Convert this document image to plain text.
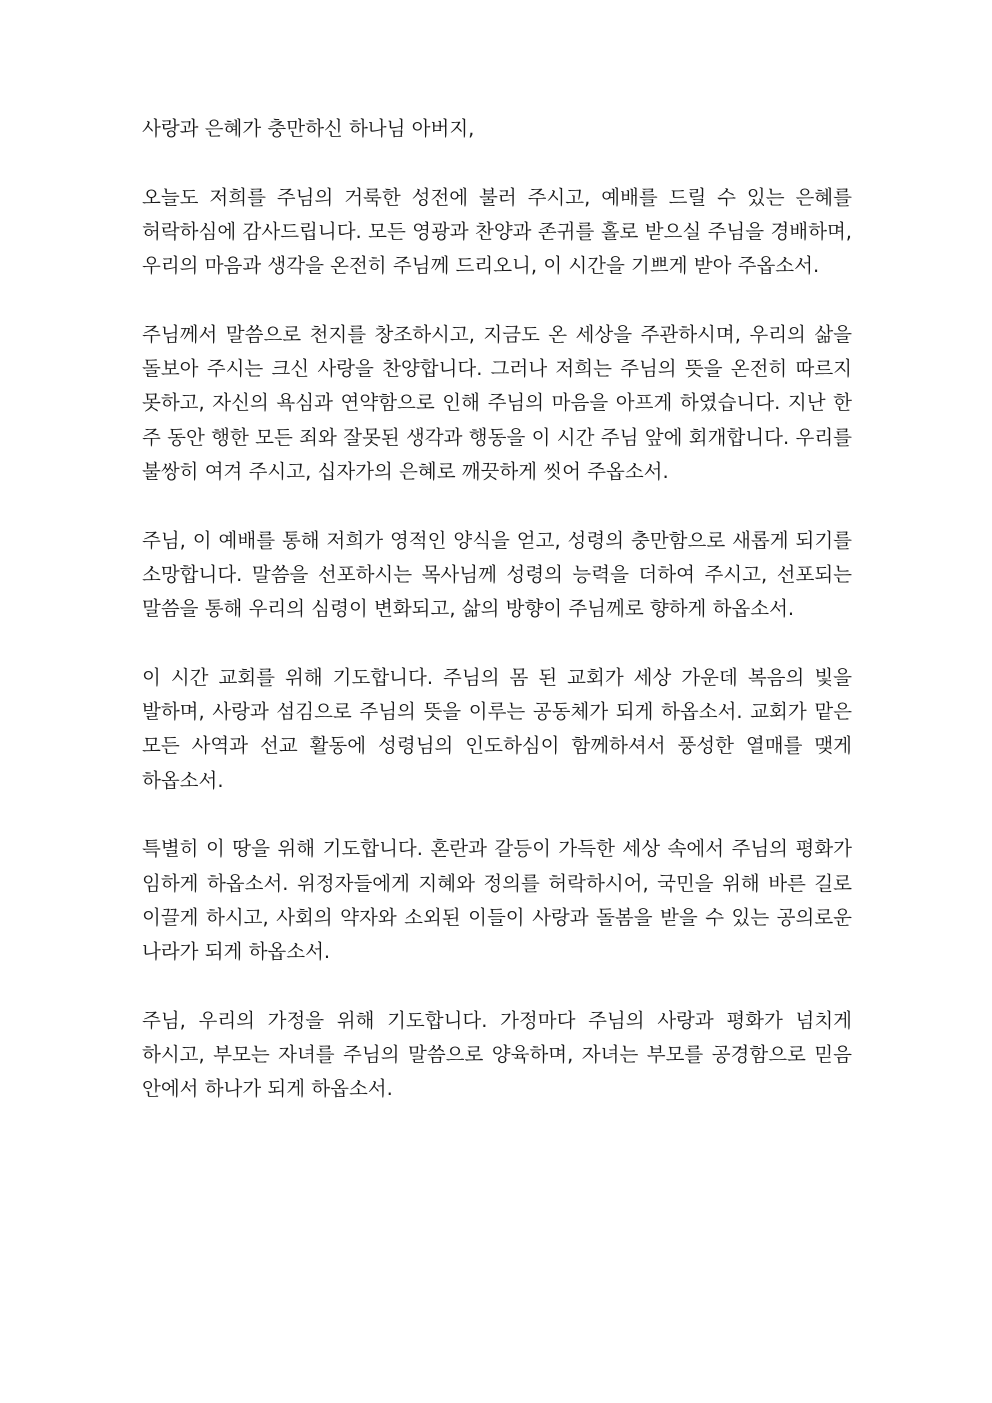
사랑과 은혜가 충만하신 하나님 아버지,

오늘도 저희를 주님의 거룩한 성전에 불러 주시고, 예배를 드릴 수 있는 은혜를 허락하심에 감사드립니다. 모든 영광과 찬양과 존귀를 홀로 받으실 주님을 경배하며, 우리의 마음과 생각을 온전히 주님께 드리오니, 이 시간을 기쁘게 받아 주옵소서.

주님께서 말씀으로 천지를 창조하시고, 지금도 온 세상을 주관하시며, 우리의 삶을 돌보아 주시는 크신 사랑을 찬양합니다. 그러나 저희는 주님의 뜻을 온전히 따르지 못하고, 자신의 욕심과 연약함으로 인해 주님의 마음을 아프게 하였습니다. 지난 한 주 동안 행한 모든 죄와 잘못된 생각과 행동을 이 시간 주님 앞에 회개합니다. 우리를 불쌍히 여겨 주시고, 십자가의 은혜로 깨끗하게 씻어 주옵소서.

주님, 이 예배를 통해 저희가 영적인 양식을 얻고, 성령의 충만함으로 새롭게 되기를 소망합니다. 말씀을 선포하시는 목사님께 성령의 능력을 더하여 주시고, 선포되는 말씀을 통해 우리의 심령이 변화되고, 삶의 방향이 주님께로 향하게 하옵소서.

이 시간 교회를 위해 기도합니다. 주님의 몸 된 교회가 세상 가운데 복음의 빛을 발하며, 사랑과 섬김으로 주님의 뜻을 이루는 공동체가 되게 하옵소서. 교회가 맡은 모든 사역과 선교 활동에 성령님의 인도하심이 함께하셔서 풍성한 열매를 맺게 하옵소서.

특별히 이 땅을 위해 기도합니다. 혼란과 갈등이 가득한 세상 속에서 주님의 평화가 임하게 하옵소서. 위정자들에게 지혜와 정의를 허락하시어, 국민을 위해 바른 길로 이끌게 하시고, 사회의 약자와 소외된 이들이 사랑과 돌봄을 받을 수 있는 공의로운 나라가 되게 하옵소서.

주님, 우리의 가정을 위해 기도합니다. 가정마다 주님의 사랑과 평화가 넘치게 하시고, 부모는 자녀를 주님의 말씀으로 양육하며, 자녀는 부모를 공경함으로 믿음 안에서 하나가 되게 하옵소서.
